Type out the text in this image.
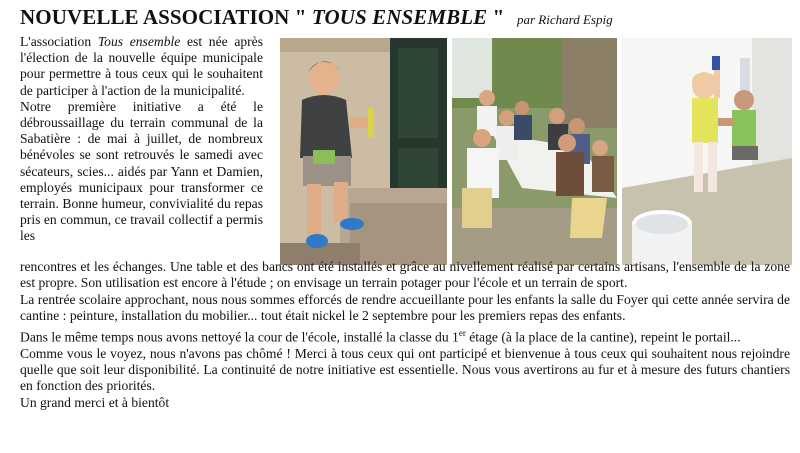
NOUVELLE ASSOCIATION " TOUS ENSEMBLE " par Richard Espig
L'association Tous ensemble est née après l'élection de la nouvelle équipe municipale pour permettre à tous ceux qui le souhaitent de participer à l'action de la municipalité.
Notre première initiative a été le débroussaillage du terrain communal de la Sabatière : de mai à juillet, de nombreux bénévoles se sont retrouvés le samedi avec sécateurs, scies... aidés par Yann et Damien, employés municipaux pour transformer ce terrain. Bonne humeur, convivialité du repas pris en commun, ce travail collectif a permis les

rencontres et les échanges. Une table et des bancs ont été installés et grâce au nivellement réalisé par certains artisans, l'ensemble de la zone est propre. Son utilisation est encore à l'étude ; on envisage un terrain potager pour l'école et un terrain de sport.

La rentrée scolaire approchant, nous nous sommes efforcés de rendre accueillante pour les enfants la salle du Foyer qui cette année servira de cantine : peinture, installation du mobilier... tout était nickel le 2 septembre pour les premiers repas des enfants.

Dans le même temps nous avons nettoyé la cour de l'école, installé la classe du 1er étage (à la place de la cantine), repeint le portail...

Comme vous le voyez, nous n'avons pas chômé ! Merci à tous ceux qui ont participé et bienvenue à tous ceux qui souhaitent nous rejoindre quelle que soit leur disponibilité. La continuité de notre initiative est essentielle. Nous vous avertirons au fur et à mesure des futurs chantiers en fonction des priorités.

Un grand merci et à bientôt
